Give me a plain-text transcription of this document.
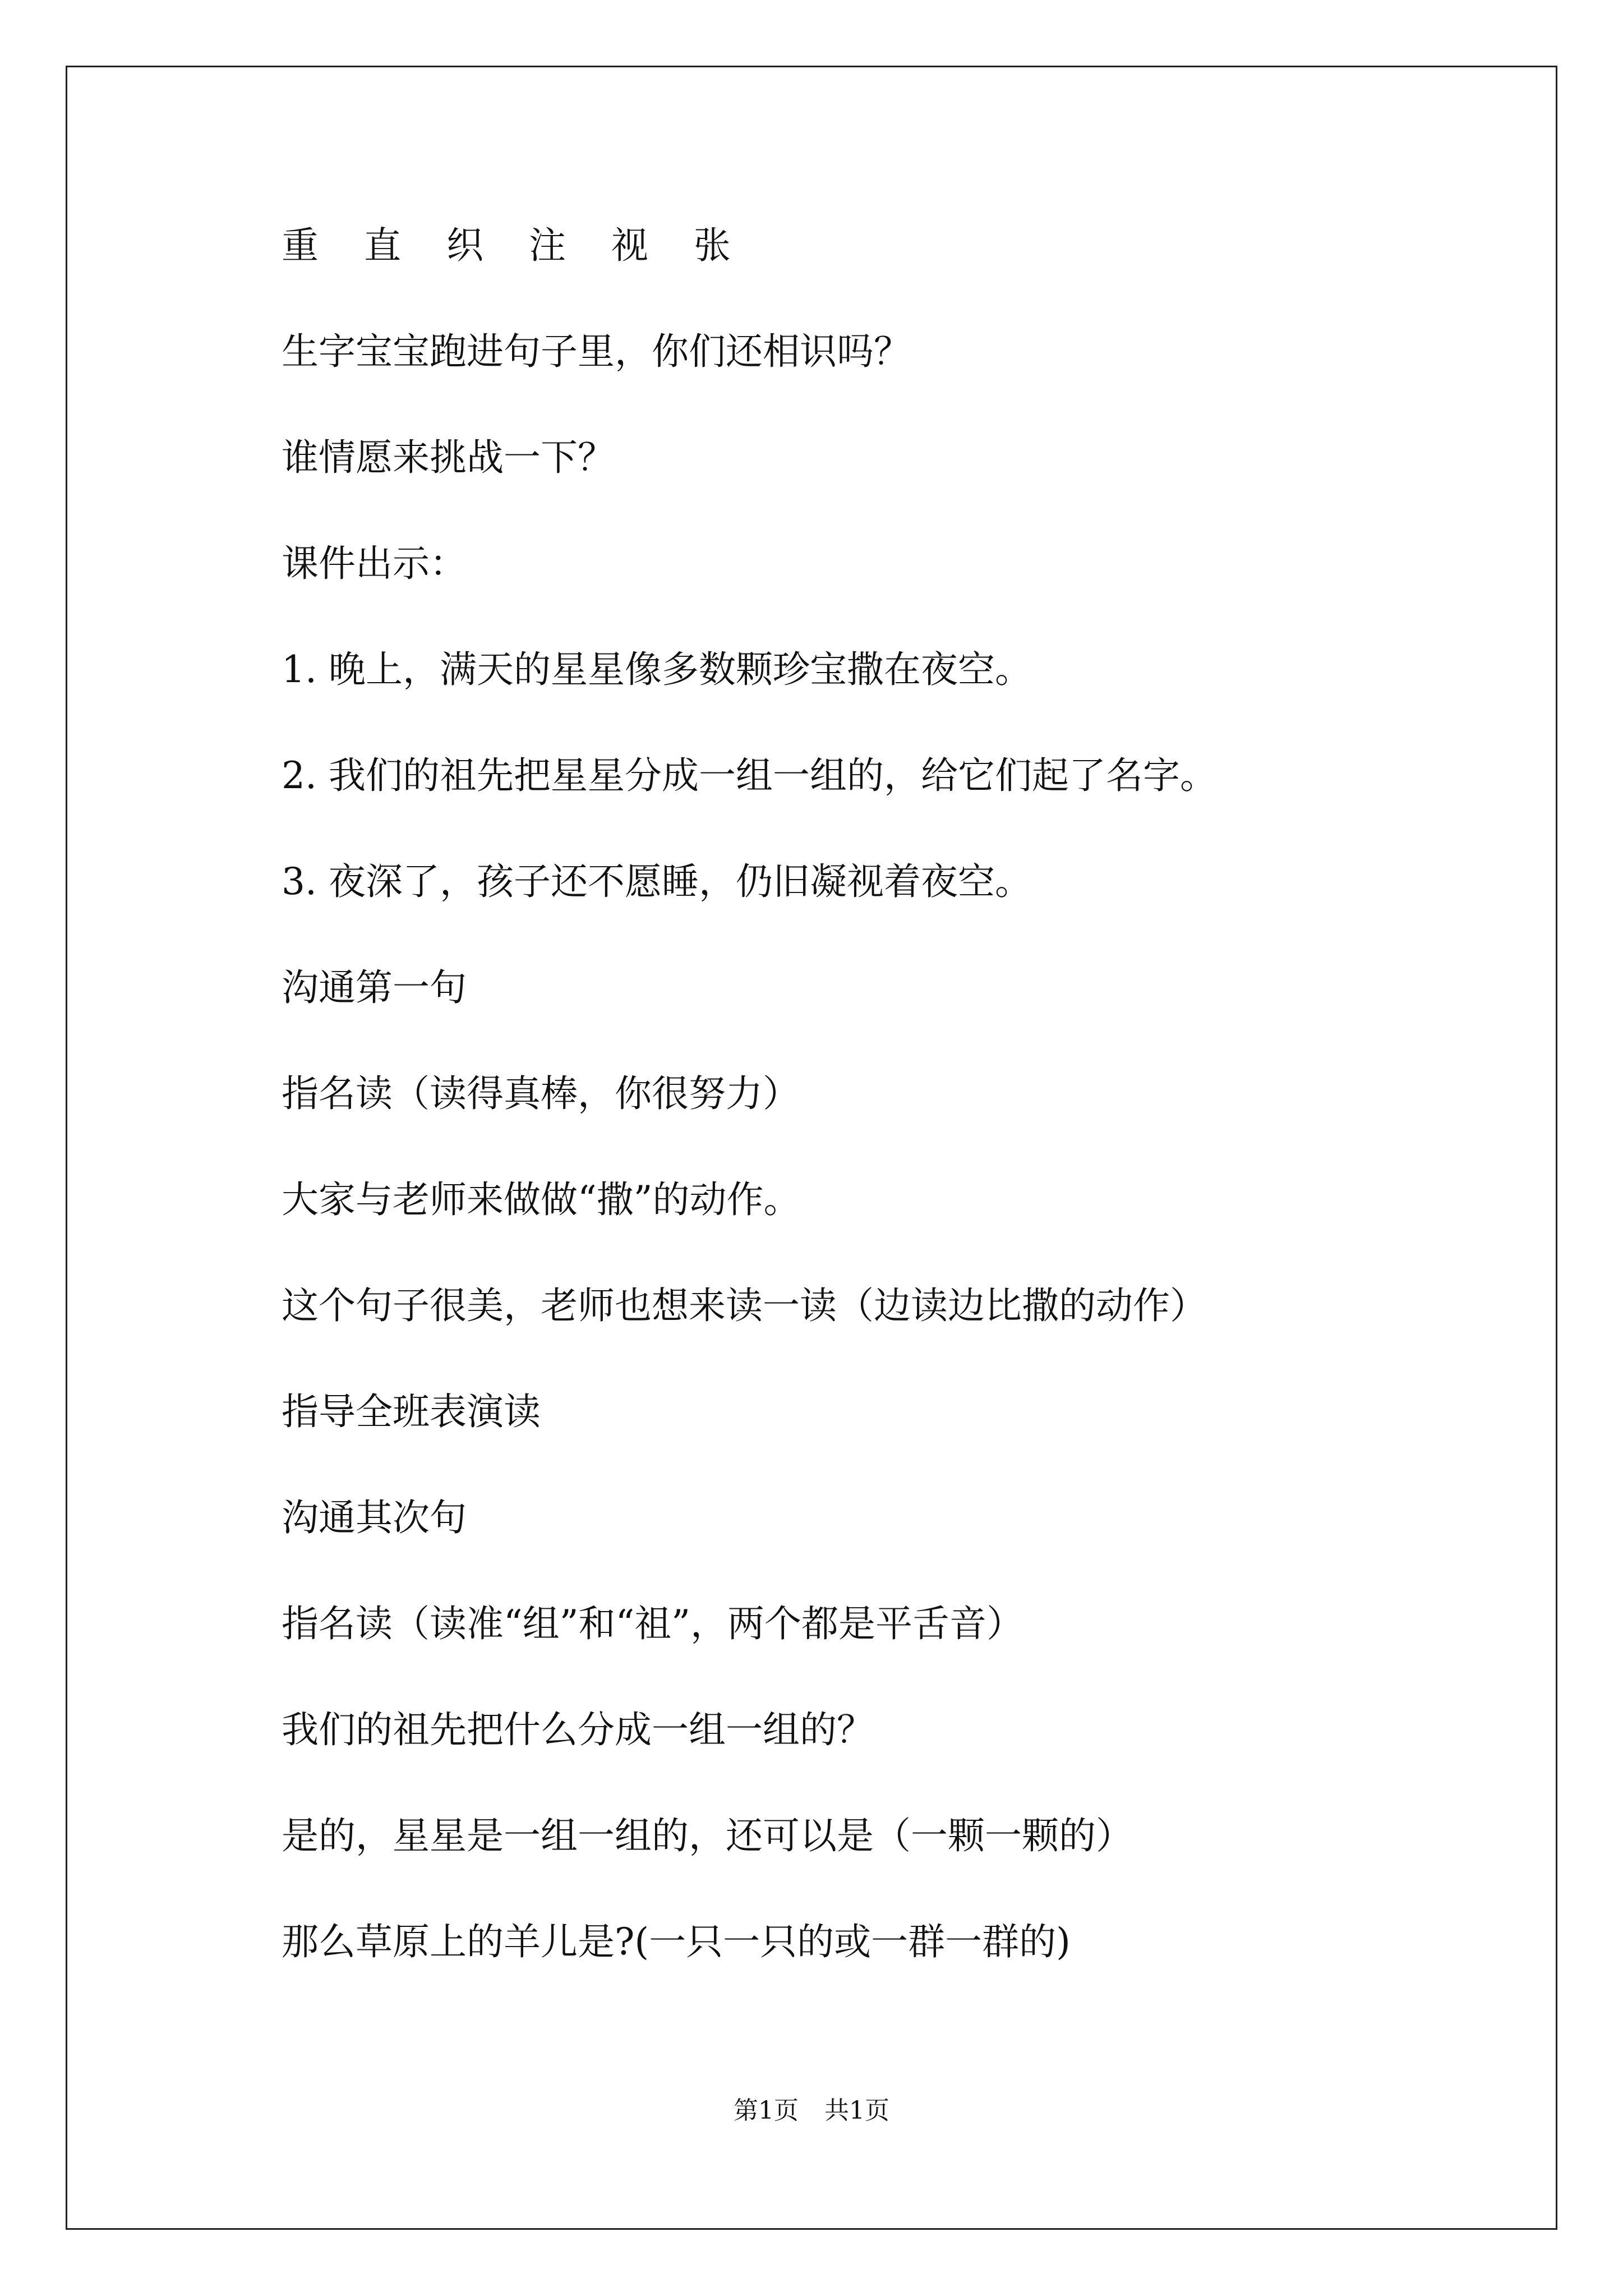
重 直 织 注 视 张
生字宝宝跑进句子里，你们还相识吗？
谁情愿来挑战一下？
课件出示：
1. 晚上，满天的星星像多数颗珍宝撒在夜空。
2. 我们的祖先把星星分成一组一组的，给它们起了名字。
3. 夜深了，孩子还不愿睡，仍旧凝视着夜空。
沟通第一句
指名读（读得真棒，你很努力）
大家与老师来做做“撒”的动作。
这个句子很美，老师也想来读一读（边读边比撒的动作）
指导全班表演读
沟通其次句
指名读（读准“组”和“祖”，两个都是平舌音）
我们的祖先把什么分成一组一组的？
是的，星星是一组一组的，还可以是（一颗一颗的）
那么草原上的羊儿是?(一只一只的或一群一群的)
第1页 共1页
